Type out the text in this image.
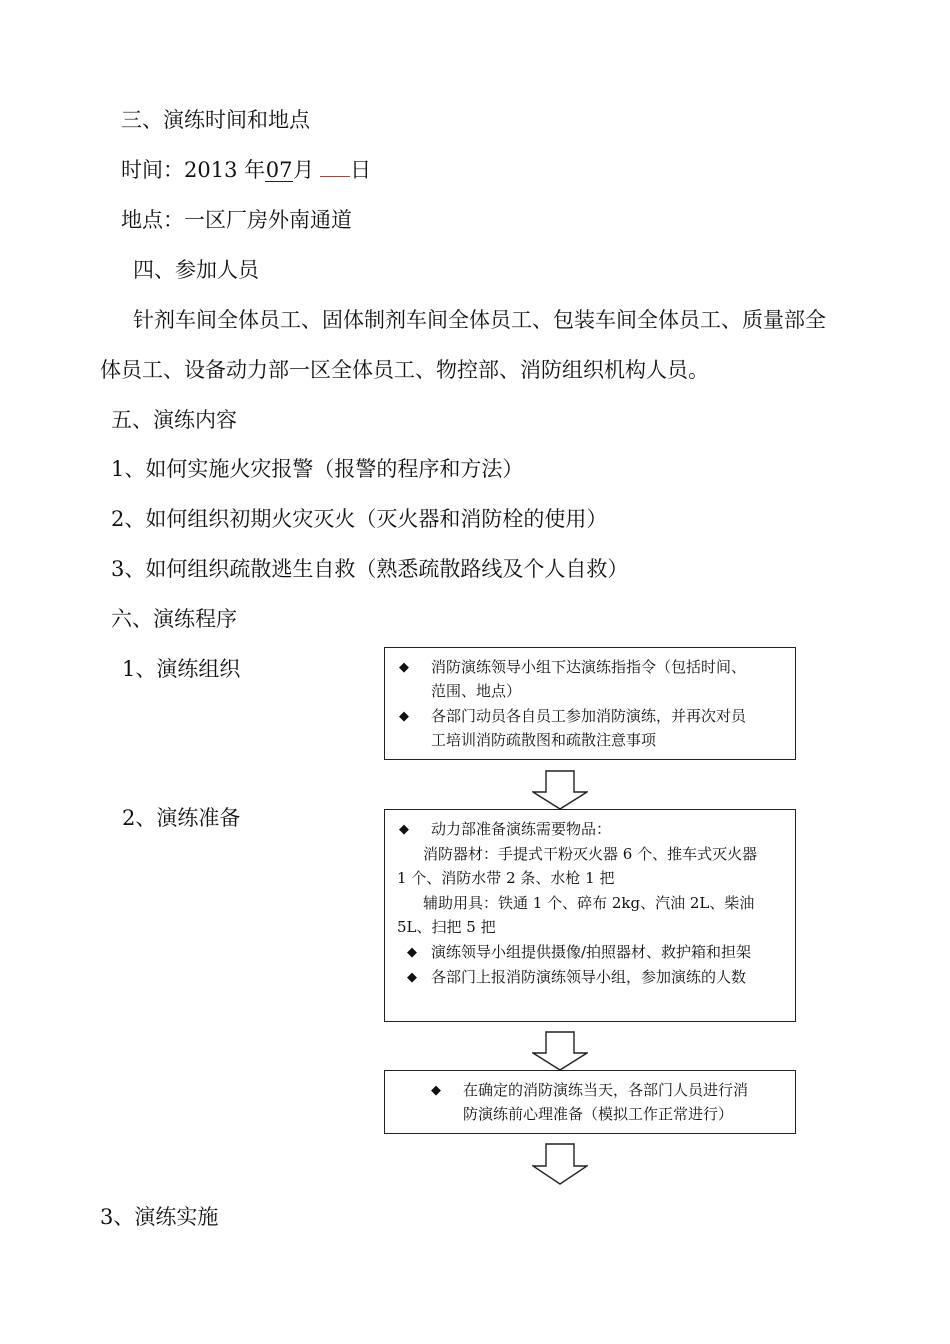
三、演练时间和地点
时间：2013 年07月 日
地点：一区厂房外南通道
四、参加人员
针剂车间全体员工、固体制剂车间全体员工、包装车间全体员工、质量部全
体员工、设备动力部一区全体员工、物控部、消防组织机构人员。
五、演练内容
1、如何实施火灾报警（报警的程序和方法）
2、如何组织初期火灾灭火（灭火器和消防栓的使用）
3、如何组织疏散逃生自救（熟悉疏散路线及个人自救）
六、演练程序
1、演练组织
2、演练准备
3、演练实施
◆ 消防演练领导小组下达演练指指令（包括时间、
范围、地点）
◆ 各部门动员各自员工参加消防演练，并再次对员
工培训消防疏散图和疏散注意事项
◆ 动力部准备演练需要物品：
消防器材：手提式干粉灭火器 6 个、推车式灭火器
1 个、消防水带 2 条、水枪 1 把
辅助用具：铁通 1 个、碎布 2kg、汽油 2L、柴油
5L、扫把 5 把
◆ 演练领导小组提供摄像/拍照器材、救护箱和担架
◆ 各部门上报消防演练领导小组，参加演练的人数
◆ 在确定的消防演练当天，各部门人员进行消
防演练前心理准备（模拟工作正常进行）
